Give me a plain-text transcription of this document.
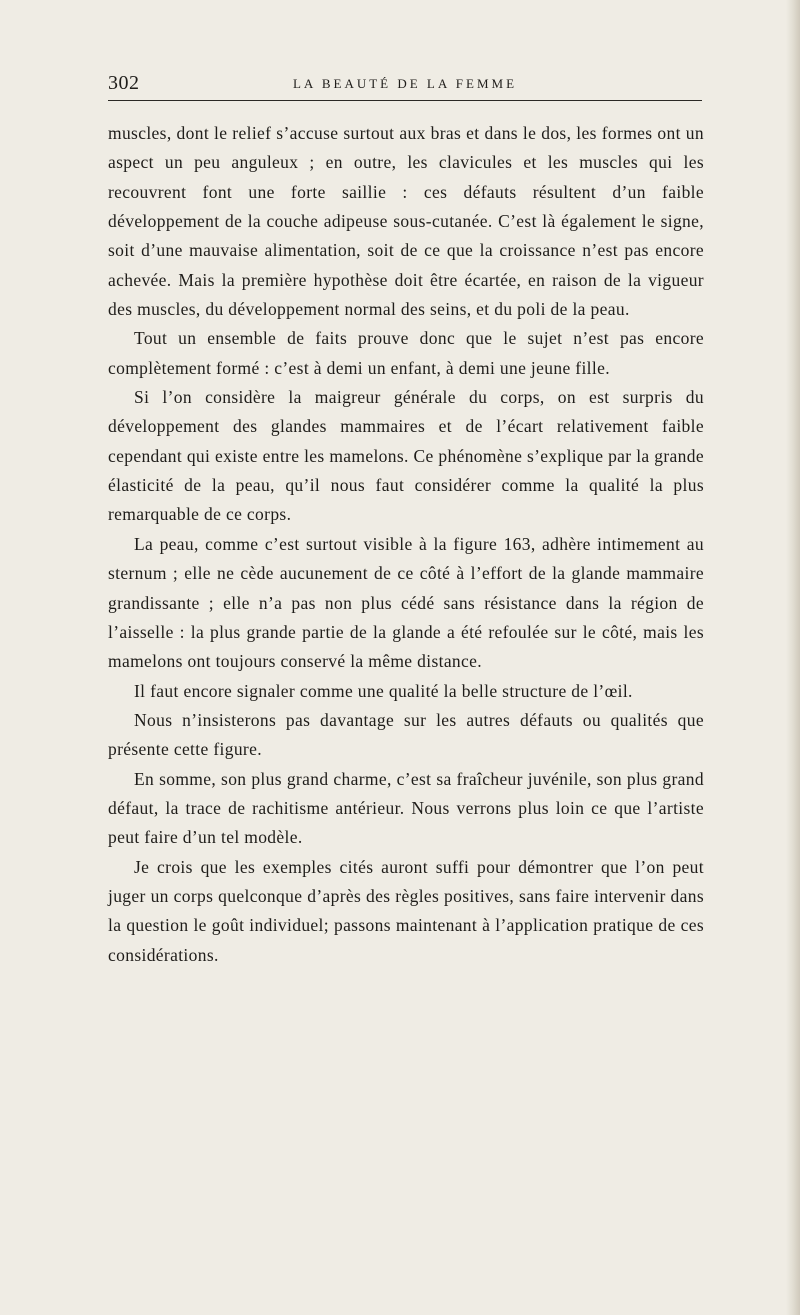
302	LA BEAUTÉ DE LA FEMME

muscles, dont le relief s’accuse surtout aux bras et dans le dos, les formes ont un aspect un peu anguleux ; en outre, les clavicules et les muscles qui les recouvrent font une forte saillie : ces défauts résultent d’un faible développement de la couche adipeuse sous-cutanée. C’est là également le signe, soit d’une mauvaise alimentation, soit de ce que la croissance n’est pas encore achevée. Mais la première hypothèse doit être écartée, en raison de la vigueur des muscles, du développement normal des seins, et du poli de la peau.

Tout un ensemble de faits prouve donc que le sujet n’est pas encore complètement formé : c’est à demi un enfant, à demi une jeune fille.

Si l’on considère la maigreur générale du corps, on est surpris du développement des glandes mammaires et de l’écart relativement faible cependant qui existe entre les mamelons. Ce phénomène s’explique par la grande élasticité de la peau, qu’il nous faut considérer comme la qualité la plus remarquable de ce corps.

La peau, comme c’est surtout visible à la figure 163, adhère intimement au sternum ; elle ne cède aucunement de ce côté à l’effort de la glande mammaire grandissante ; elle n’a pas non plus cédé sans résistance dans la région de l’aisselle : la plus grande partie de la glande a été refoulée sur le côté, mais les mamelons ont toujours conservé la même distance.

Il faut encore signaler comme une qualité la belle structure de l’œil.

Nous n’insisterons pas davantage sur les autres défauts ou qualités que présente cette figure.

En somme, son plus grand charme, c’est sa fraîcheur juvénile, son plus grand défaut, la trace de rachitisme antérieur. Nous verrons plus loin ce que l’artiste peut faire d’un tel modèle.

Je crois que les exemples cités auront suffi pour démontrer que l’on peut juger un corps quelconque d’après des règles positives, sans faire intervenir dans la question le goût individuel; passons maintenant à l’application pratique de ces considérations.
